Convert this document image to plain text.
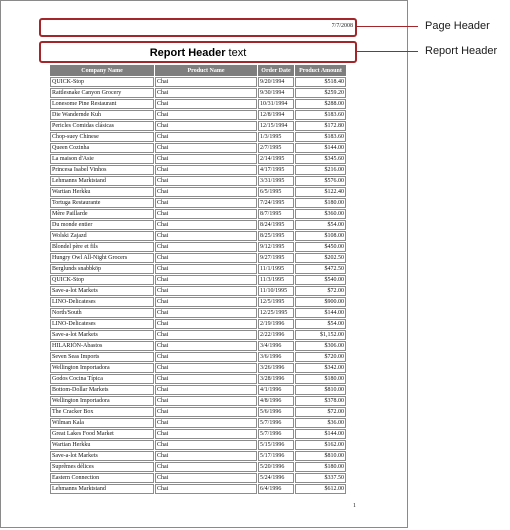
7/7/2008
Report Header text
Company Name	Product Name	Order Date	Product Amount
QUICK-Stop	Chai	9/20/1994	$518.40
Rattlesnake Canyon Grocery	Chai	9/30/1994	$259.20
Lonesome Pine Restaurant	Chai	10/31/1994	$288.00
Die Wandernde Kuh	Chai	12/8/1994	$183.60
Pericles Comidas clásicas	Chai	12/15/1994	$172.80
Chop-suey Chinese	Chai	1/3/1995	$183.60
Queen Cozinha	Chai	2/7/1995	$144.00
La maison d'Asie	Chai	2/14/1995	$345.60
Princesa Isabel Vinhos	Chai	4/17/1995	$216.00
Lehmanns Marktstand	Chai	3/31/1995	$576.00
Wartian Herkku	Chai	6/5/1995	$122.40
Tortuga Restaurante	Chai	7/24/1995	$180.00
Mère Paillarde	Chai	8/7/1995	$360.00
Du monde entier	Chai	8/24/1995	$54.00
Wolski Zajazd	Chai	8/25/1995	$108.00
Blondel père et fils	Chai	9/12/1995	$450.00
Hungry Owl All-Night Grocers	Chai	9/27/1995	$202.50
Berglunds snabbköp	Chai	11/1/1995	$472.50
QUICK-Stop	Chai	11/3/1995	$540.00
Save-a-lot Markets	Chai	11/10/1995	$72.00
LINO-Delicateses	Chai	12/5/1995	$900.00
North/South	Chai	12/25/1995	$144.00
LINO-Delicateses	Chai	2/19/1996	$54.00
Save-a-lot Markets	Chai	2/22/1996	$1,152.00
HILARIÓN-Abastos	Chai	3/4/1996	$306.00
Seven Seas Imports	Chai	3/6/1996	$720.00
Wellington Importadora	Chai	3/26/1996	$342.00
Godos Cocina Típica	Chai	3/28/1996	$180.00
Bottom-Dollar Markets	Chai	4/1/1996	$810.00
Wellington Importadora	Chai	4/8/1996	$378.00
The Cracker Box	Chai	5/6/1996	$72.00
Wilman Kala	Chai	5/7/1996	$36.00
Great Lakes Food Market	Chai	5/7/1996	$144.00
Wartian Herkku	Chai	5/15/1996	$162.00
Save-a-lot Markets	Chai	5/17/1996	$810.00
Suprêmes délices	Chai	5/20/1996	$180.00
Eastern Connection	Chai	5/24/1996	$337.50
Lehmanns Marktstand	Chai	6/4/1996	$612.00
1
Page Header
Report Header
